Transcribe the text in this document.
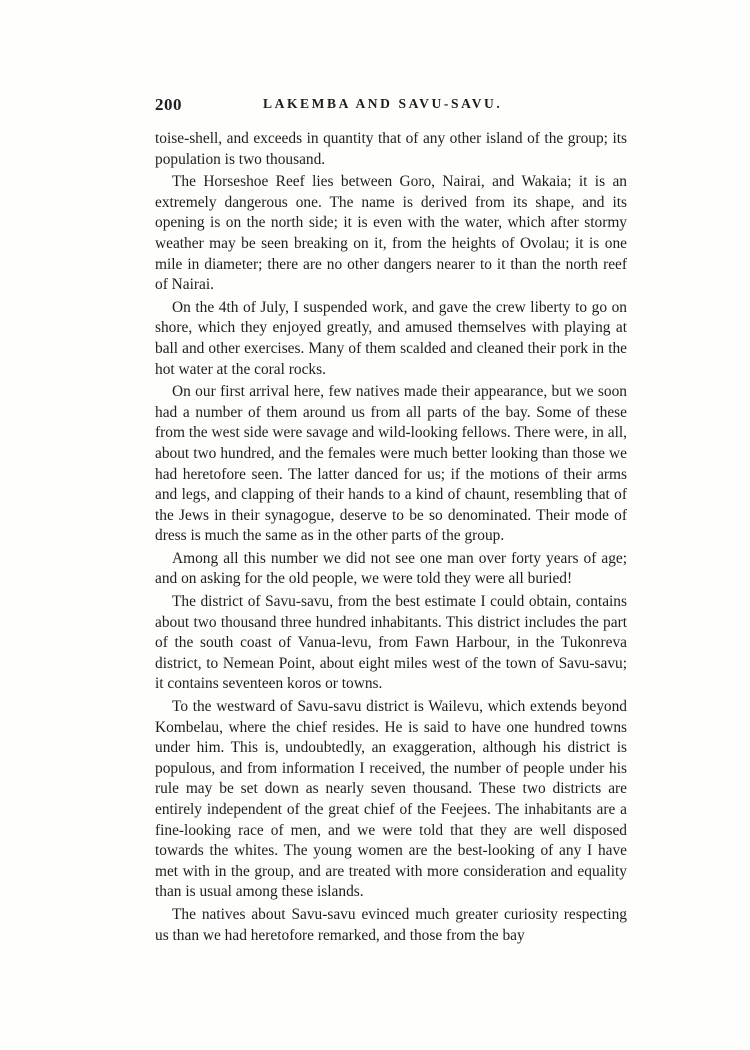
200	LAKEMBA AND SAVU-SAVU.

toise-shell, and exceeds in quantity that of any other island of the group; its population is two thousand.

The Horseshoe Reef lies between Goro, Nairai, and Wakaia; it is an extremely dangerous one. The name is derived from its shape, and its opening is on the north side; it is even with the water, which after stormy weather may be seen breaking on it, from the heights of Ovolau; it is one mile in diameter; there are no other dangers nearer to it than the north reef of Nairai.

On the 4th of July, I suspended work, and gave the crew liberty to go on shore, which they enjoyed greatly, and amused themselves with playing at ball and other exercises. Many of them scalded and cleaned their pork in the hot water at the coral rocks.

On our first arrival here, few natives made their appearance, but we soon had a number of them around us from all parts of the bay. Some of these from the west side were savage and wild-looking fellows. There were, in all, about two hundred, and the females were much better looking than those we had heretofore seen. The latter danced for us; if the motions of their arms and legs, and clapping of their hands to a kind of chaunt, resembling that of the Jews in their synagogue, deserve to be so denominated. Their mode of dress is much the same as in the other parts of the group.

Among all this number we did not see one man over forty years of age; and on asking for the old people, we were told they were all buried!

The district of Savu-savu, from the best estimate I could obtain, contains about two thousand three hundred inhabitants. This district includes the part of the south coast of Vanua-levu, from Fawn Harbour, in the Tukonreva district, to Nemean Point, about eight miles west of the town of Savu-savu; it contains seventeen koros or towns.

To the westward of Savu-savu district is Wailevu, which extends beyond Kombelau, where the chief resides. He is said to have one hundred towns under him. This is, undoubtedly, an exaggeration, although his district is populous, and from information I received, the number of people under his rule may be set down as nearly seven thousand. These two districts are entirely independent of the great chief of the Feejees. The inhabitants are a fine-looking race of men, and we were told that they are well disposed towards the whites. The young women are the best-looking of any I have met with in the group, and are treated with more consideration and equality than is usual among these islands.

The natives about Savu-savu evinced much greater curiosity respecting us than we had heretofore remarked, and those from the bay
